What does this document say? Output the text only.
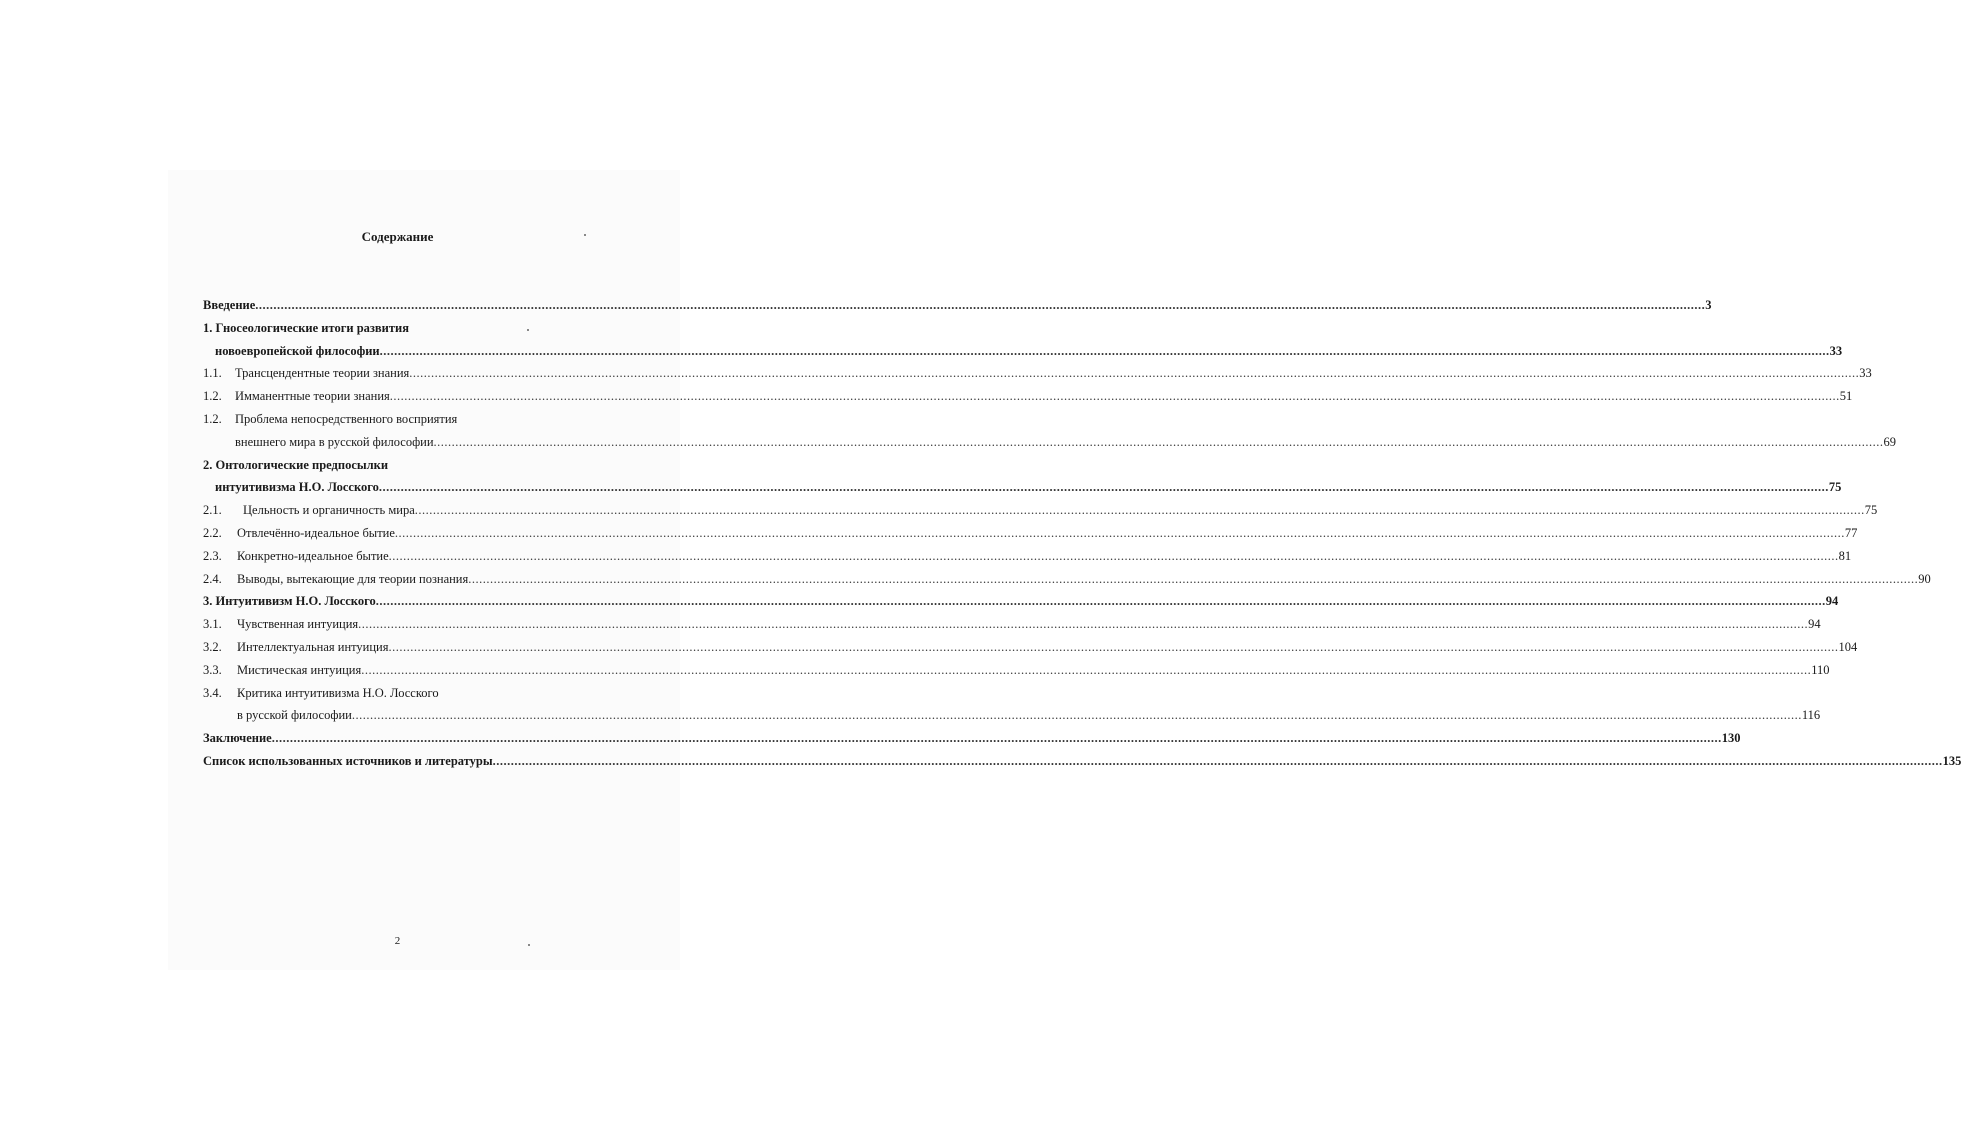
Содержание
Введение ................................................................................................................................................................................................................................................................................................................................................................................................................ 3
1. Гносеологические итоги развития
новоевропейской философии ................................................................................................................................................................................................................................................................................................................................................................................................................ 33
1.1. Трансцендентные теории знания ................................................................................................................................................................................................................................................................................................................................................................................................................ 33
1.2. Имманентные теории знания ................................................................................................................................................................................................................................................................................................................................................................................................................ 51
1.2. Проблема непосредственного восприятия
внешнего мира в русской философии ................................................................................................................................................................................................................................................................................................................................................................................................................ 69
2. Онтологические предпосылки
интуитивизма Н.О. Лосского ................................................................................................................................................................................................................................................................................................................................................................................................................ 75
2.1. Цельность и органичность мира ................................................................................................................................................................................................................................................................................................................................................................................................................ 75
2.2. Отвлечённо-идеальное бытие ................................................................................................................................................................................................................................................................................................................................................................................................................ 77
2.3. Конкретно-идеальное бытие ................................................................................................................................................................................................................................................................................................................................................................................................................ 81
2.4. Выводы, вытекающие для теории познания ................................................................................................................................................................................................................................................................................................................................................................................................................ 90
3. Интуитивизм Н.О. Лосского ................................................................................................................................................................................................................................................................................................................................................................................................................ 94
3.1. Чувственная интуиция ................................................................................................................................................................................................................................................................................................................................................................................................................ 94
3.2. Интеллектуальная интуиция ................................................................................................................................................................................................................................................................................................................................................................................................................ 104
3.3. Мистическая интуиция ................................................................................................................................................................................................................................................................................................................................................................................................................ 110
3.4. Критика интуитивизма Н.О. Лосского
в русской философии ................................................................................................................................................................................................................................................................................................................................................................................................................ 116
Заключение ................................................................................................................................................................................................................................................................................................................................................................................................................ 130
Список использованных источников и литературы ................................................................................................................................................................................................................................................................................................................................................................................................................ 135
2
